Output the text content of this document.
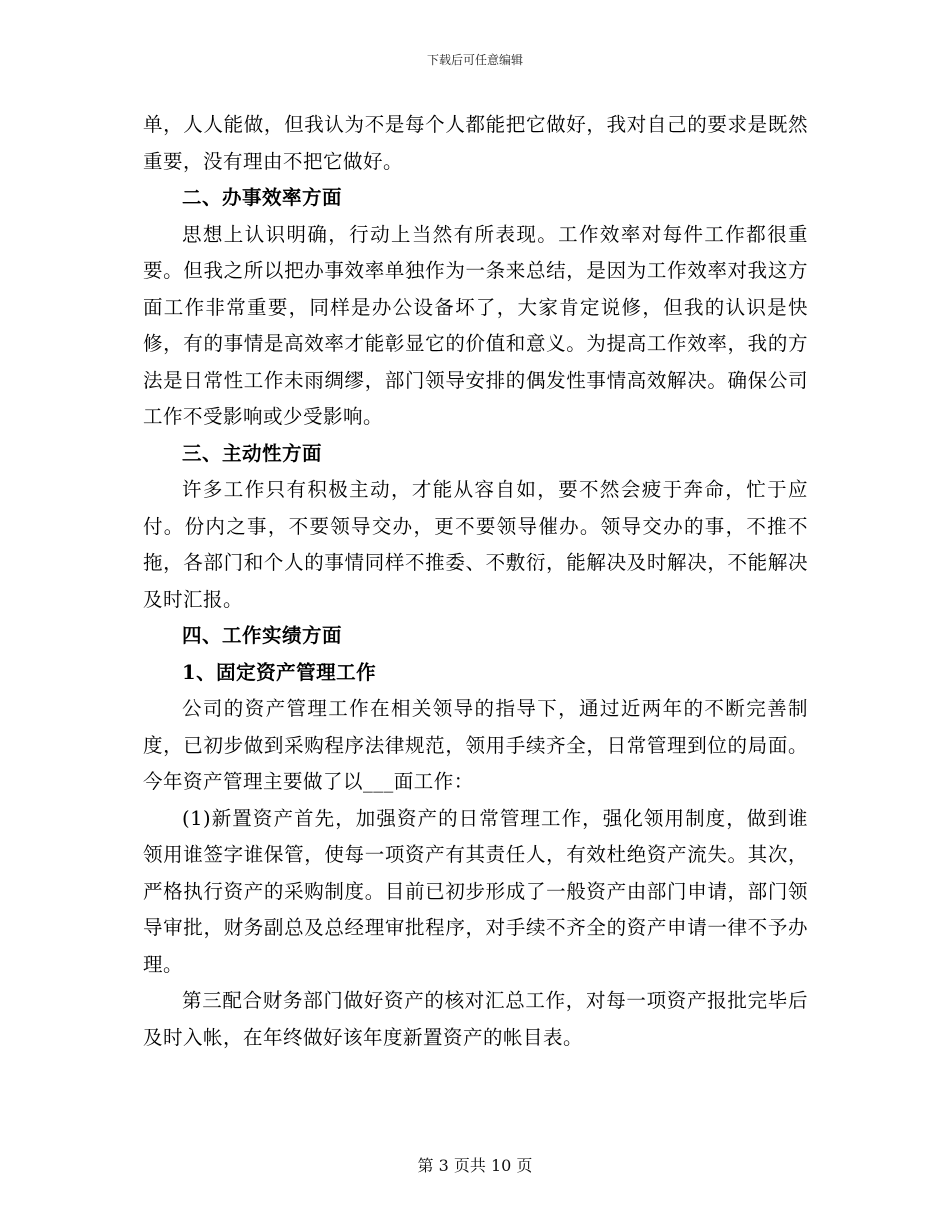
下载后可任意编辑

单，人人能做，但我认为不是每个人都能把它做好，我对自己的要求是既然重要，没有理由不把它做好。

二、办事效率方面

思想上认识明确，行动上当然有所表现。工作效率对每件工作都很重要。但我之所以把办事效率单独作为一条来总结，是因为工作效率对我这方面工作非常重要，同样是办公设备坏了，大家肯定说修，但我的认识是快修，有的事情是高效率才能彰显它的价值和意义。为提高工作效率，我的方法是日常性工作未雨绸缪，部门领导安排的偶发性事情高效解决。确保公司工作不受影响或少受影响。

三、主动性方面

许多工作只有积极主动，才能从容自如，要不然会疲于奔命，忙于应付。份内之事，不要领导交办，更不要领导催办。领导交办的事，不推不拖，各部门和个人的事情同样不推委、不敷衍，能解决及时解决，不能解决及时汇报。

四、工作实绩方面

1、固定资产管理工作

公司的资产管理工作在相关领导的指导下，通过近两年的不断完善制度，已初步做到采购程序法律规范，领用手续齐全，日常管理到位的局面。今年资产管理主要做了以___面工作：

(1)新置资产首先，加强资产的日常管理工作，强化领用制度，做到谁领用谁签字谁保管，使每一项资产有其责任人，有效杜绝资产流失。其次，严格执行资产的采购制度。目前已初步形成了一般资产由部门申请，部门领导审批，财务副总及总经理审批程序，对手续不齐全的资产申请一律不予办理。

第三配合财务部门做好资产的核对汇总工作，对每一项资产报批完毕后及时入帐，在年终做好该年度新置资产的帐目表。

第 3 页共 10 页
